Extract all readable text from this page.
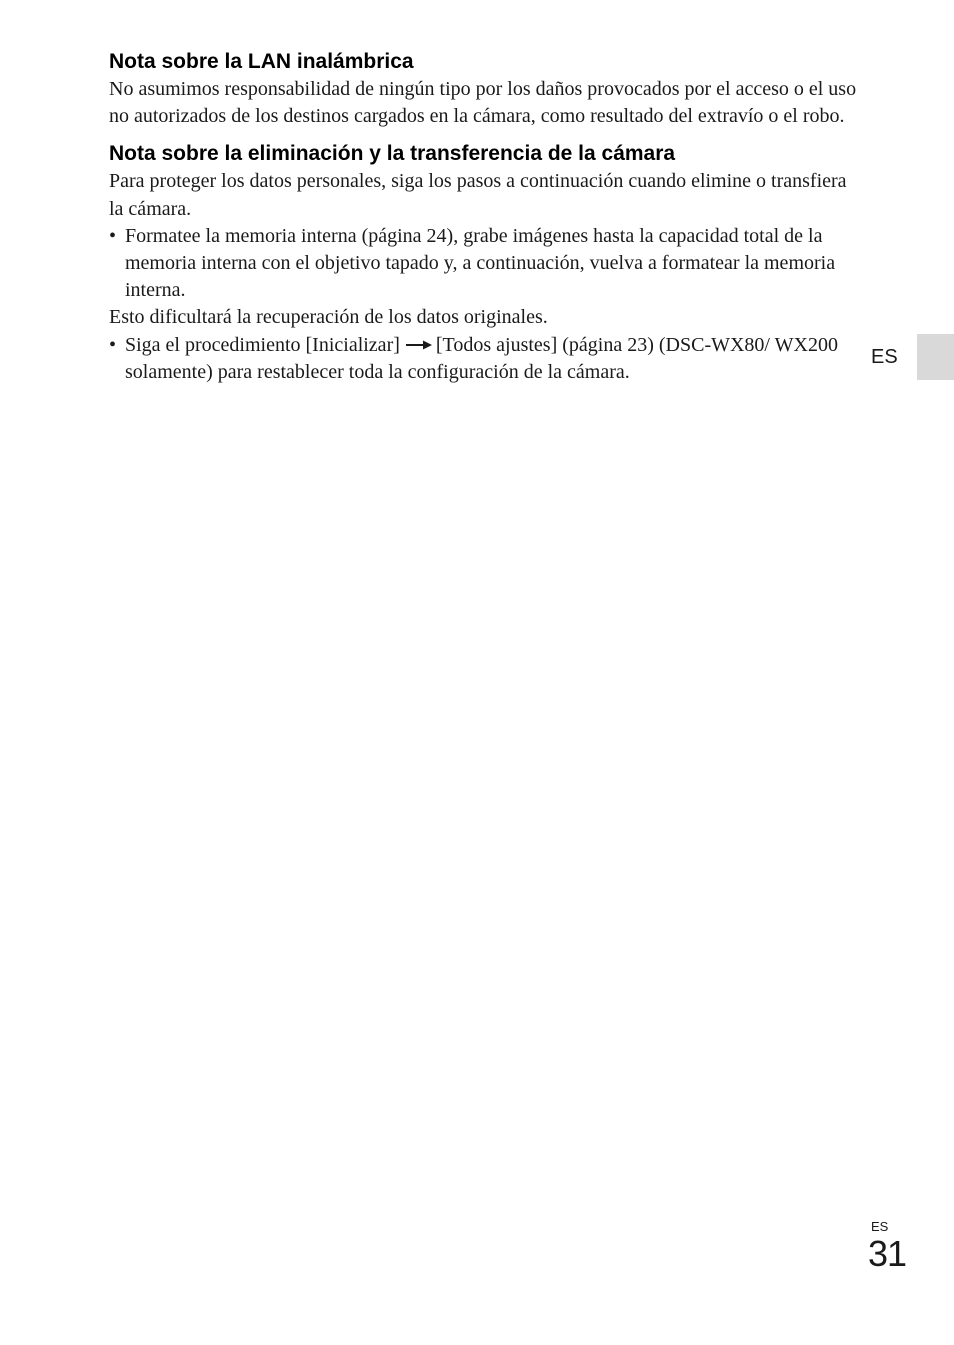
Nota sobre la LAN inalámbrica

No asumimos responsabilidad de ningún tipo por los daños provocados por el acceso o el uso no autorizados de los destinos cargados en la cámara, como resultado del extravío o el robo.

Nota sobre la eliminación y la transferencia de la cámara

Para proteger los datos personales, siga los pasos a continuación cuando elimine o transfiera la cámara.

• Formatee la memoria interna (página 24), grabe imágenes hasta la capacidad total de la memoria interna con el objetivo tapado y, a continuación, vuelva a formatear la memoria interna.

Esto dificultará la recuperación de los datos originales.

• Siga el procedimiento [Inicializar] [Todos ajustes] (página 23) (DSC-WX80/ WX200 solamente) para restablecer toda la configuración de la cámara.
ES
ES
31
